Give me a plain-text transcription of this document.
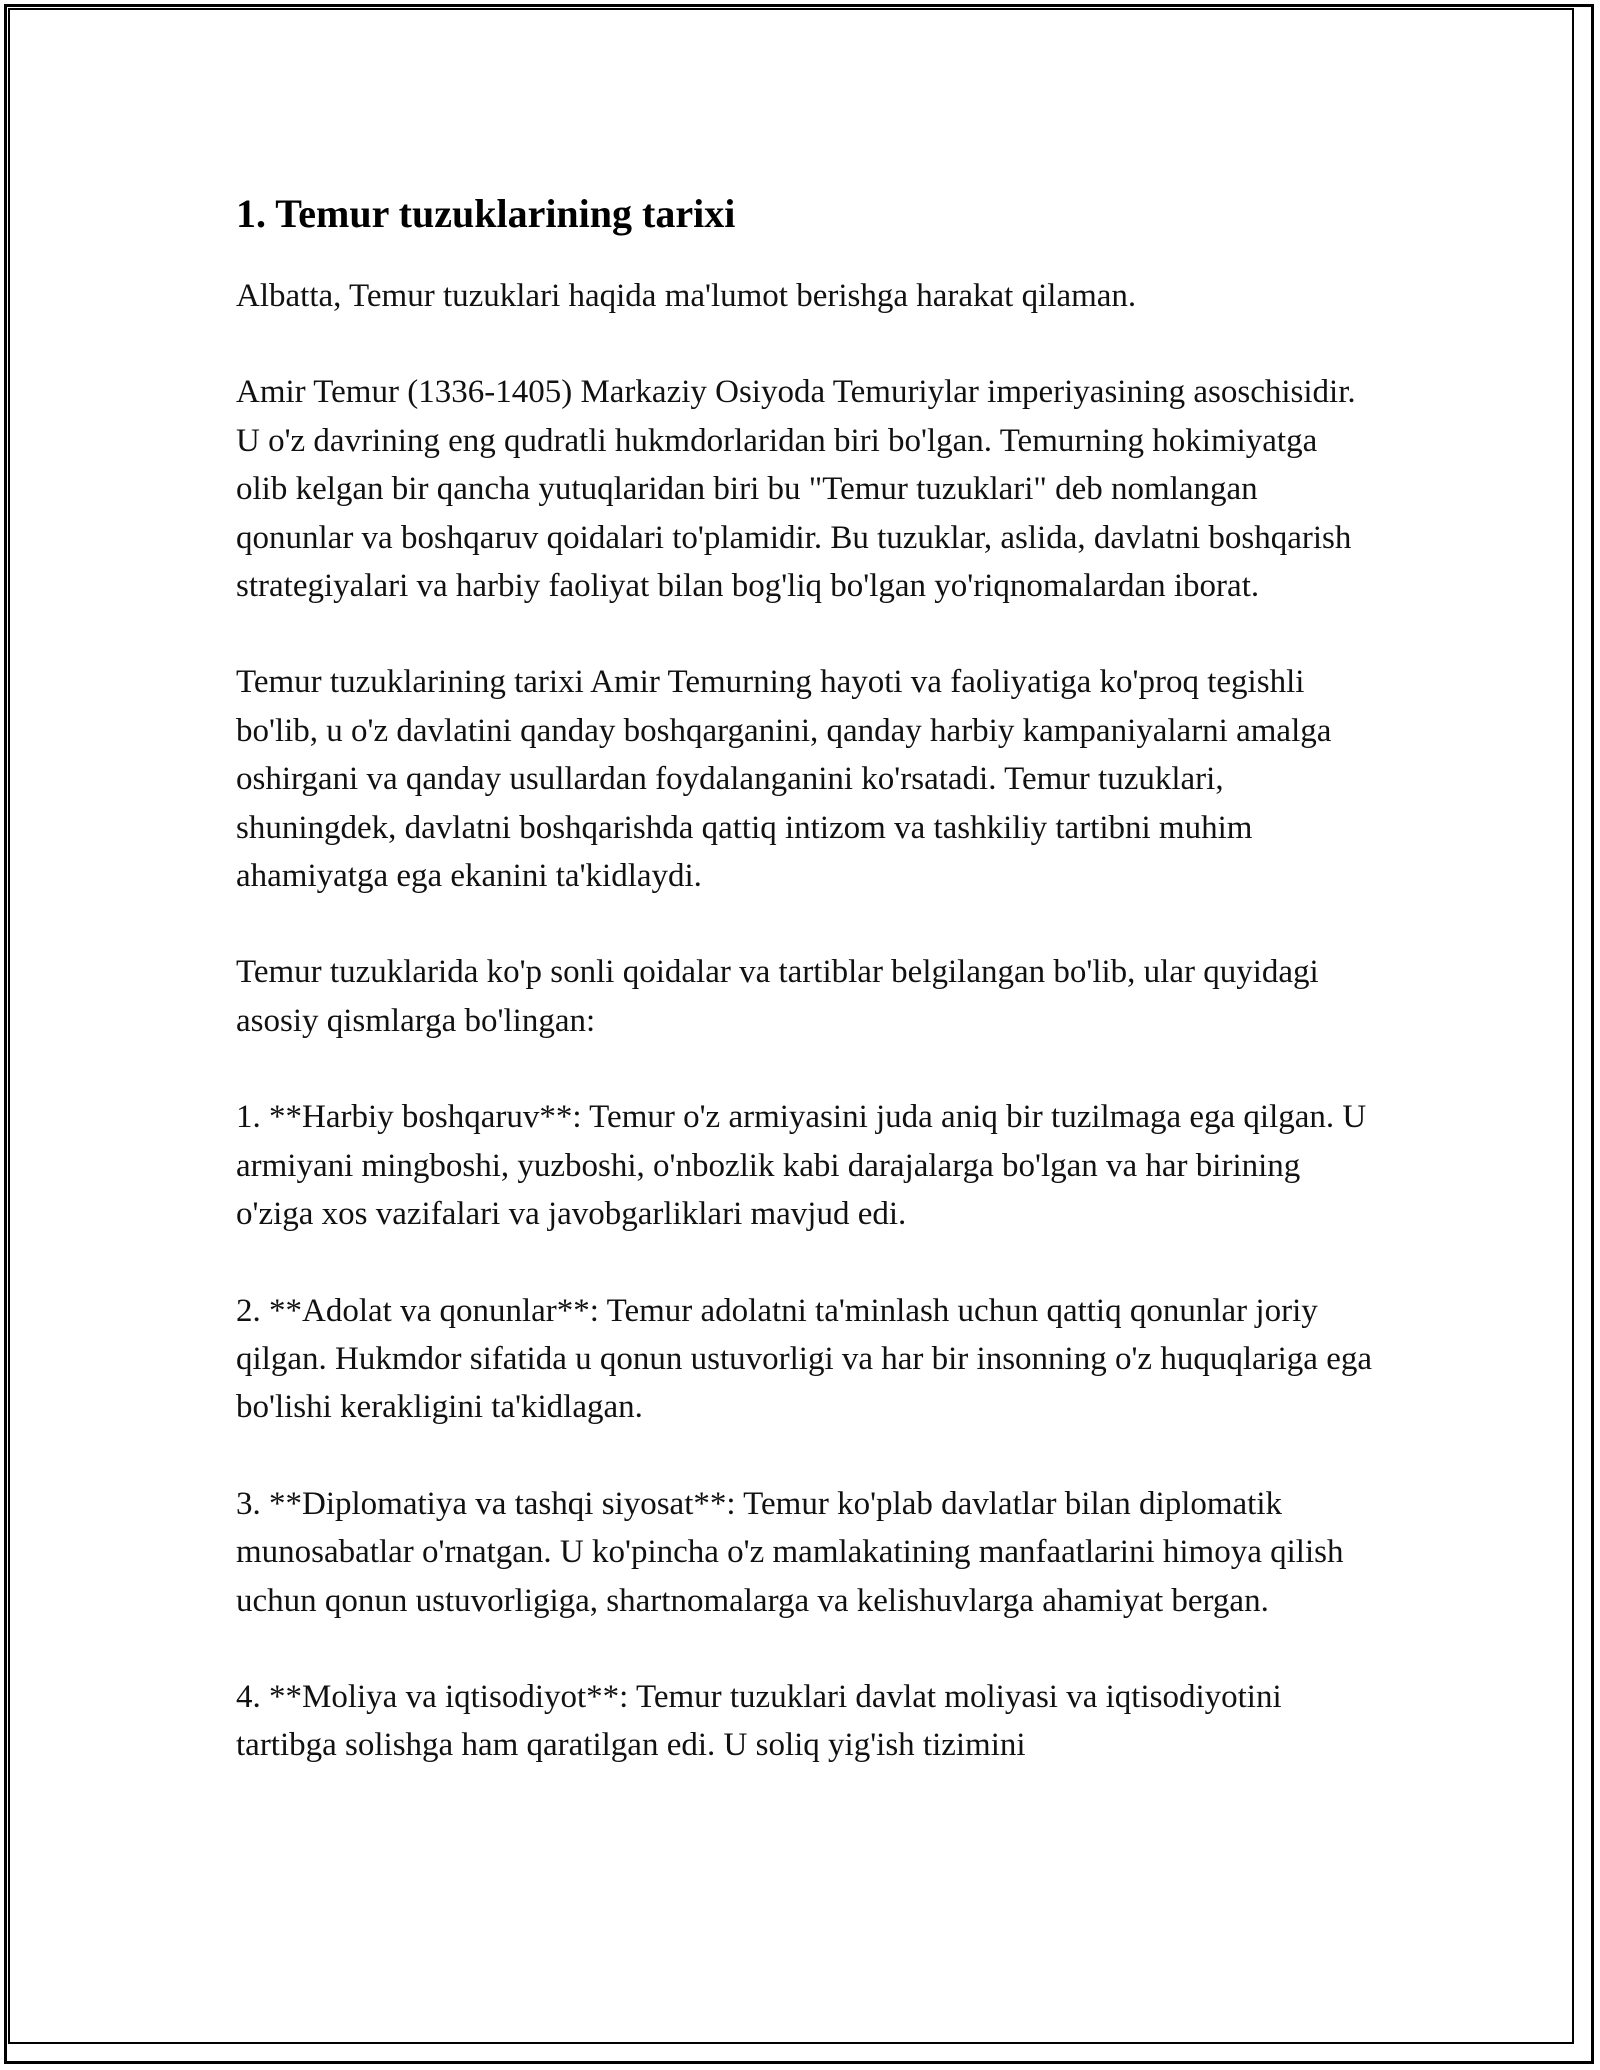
1. Temur tuzuklarining tarixi

Albatta, Temur tuzuklari haqida ma'lumot berishga harakat qilaman.

Amir Temur (1336-1405) Markaziy Osiyoda Temuriylar imperiyasining asoschisidir. U o'z davrining eng qudratli hukmdorlaridan biri bo'lgan. Temurning hokimiyatga olib kelgan bir qancha yutuqlaridan biri bu "Temur tuzuklari" deb nomlangan qonunlar va boshqaruv qoidalari to'plamidir. Bu tuzuklar, aslida, davlatni boshqarish strategiyalari va harbiy faoliyat bilan bog'liq bo'lgan yo'riqnomalardan iborat.

Temur tuzuklarining tarixi Amir Temurning hayoti va faoliyatiga ko'proq tegishli bo'lib, u o'z davlatini qanday boshqarganini, qanday harbiy kampaniyalarni amalga oshirgani va qanday usullardan foydalanganini ko'rsatadi. Temur tuzuklari, shuningdek, davlatni boshqarishda qattiq intizom va tashkiliy tartibni muhim ahamiyatga ega ekanini ta'kidlaydi.

Temur tuzuklarida ko'p sonli qoidalar va tartiblar belgilangan bo'lib, ular quyidagi asosiy qismlarga bo'lingan:

1. **Harbiy boshqaruv**: Temur o'z armiyasini juda aniq bir tuzilmaga ega qilgan. U armiyani mingboshi, yuzboshi, o'nbozlik kabi darajalarga bo'lgan va har birining o'ziga xos vazifalari va javobgarliklari mavjud edi.

2. **Adolat va qonunlar**: Temur adolatni ta'minlash uchun qattiq qonunlar joriy qilgan. Hukmdor sifatida u qonun ustuvorligi va har bir insonning o'z huquqlariga ega bo'lishi kerakligini ta'kidlagan.

3. **Diplomatiya va tashqi siyosat**: Temur ko'plab davlatlar bilan diplomatik munosabatlar o'rnatgan. U ko'pincha o'z mamlakatining manfaatlarini himoya qilish uchun qonun ustuvorligiga, shartnomalarga va kelishuvlarga ahamiyat bergan.

4. **Moliya va iqtisodiyot**: Temur tuzuklari davlat moliyasi va iqtisodiyotini tartibga solishga ham qaratilgan edi. U soliq yig'ish tizimini
